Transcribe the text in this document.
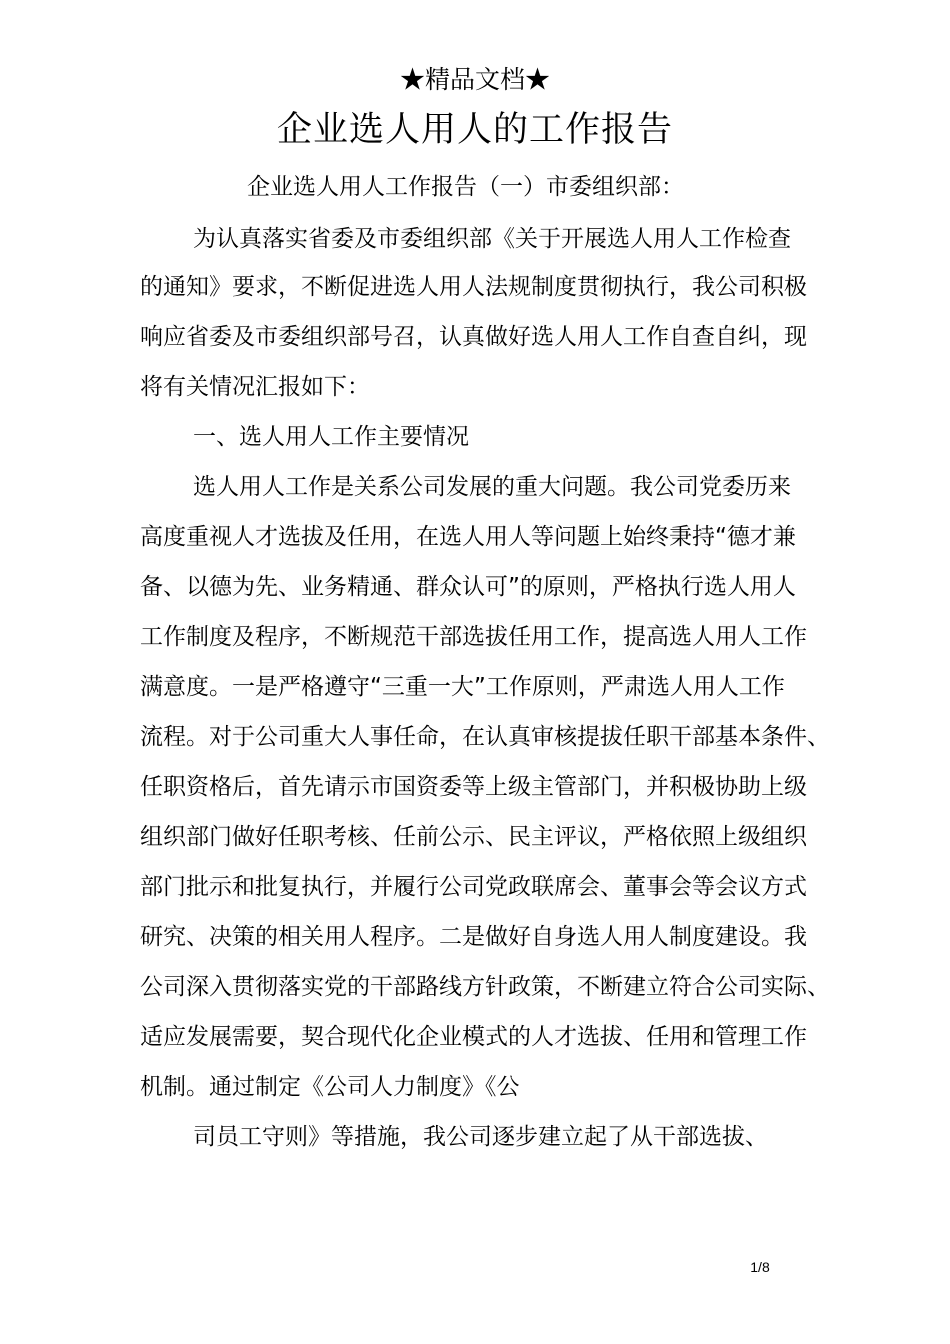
★精品文档★
企业选人用人的工作报告
企业选人用人工作报告（一）市委组织部：
为认真落实省委及市委组织部《关于开展选人用人工作检查
的通知》要求，不断促进选人用人法规制度贯彻执行，我公司积极
响应省委及市委组织部号召，认真做好选人用人工作自查自纠，现
将有关情况汇报如下：
一、选人用人工作主要情况
选人用人工作是关系公司发展的重大问题。我公司党委历来
高度重视人才选拔及任用，在选人用人等问题上始终秉持“德才兼
备、以德为先、业务精通、群众认可”的原则，严格执行选人用人
工作制度及程序，不断规范干部选拔任用工作，提高选人用人工作
满意度。一是严格遵守“三重一大”工作原则，严肃选人用人工作
流程。对于公司重大人事任命，在认真审核提拔任职干部基本条件、
任职资格后，首先请示市国资委等上级主管部门，并积极协助上级
组织部门做好任职考核、任前公示、民主评议，严格依照上级组织
部门批示和批复执行，并履行公司党政联席会、董事会等会议方式
研究、决策的相关用人程序。二是做好自身选人用人制度建设。我
公司深入贯彻落实党的干部路线方针政策，不断建立符合公司实际、
适应发展需要，契合现代化企业模式的人才选拔、任用和管理工作
机制。通过制定《公司人力制度》《公
司员工守则》等措施，我公司逐步建立起了从干部选拔、
1/8
